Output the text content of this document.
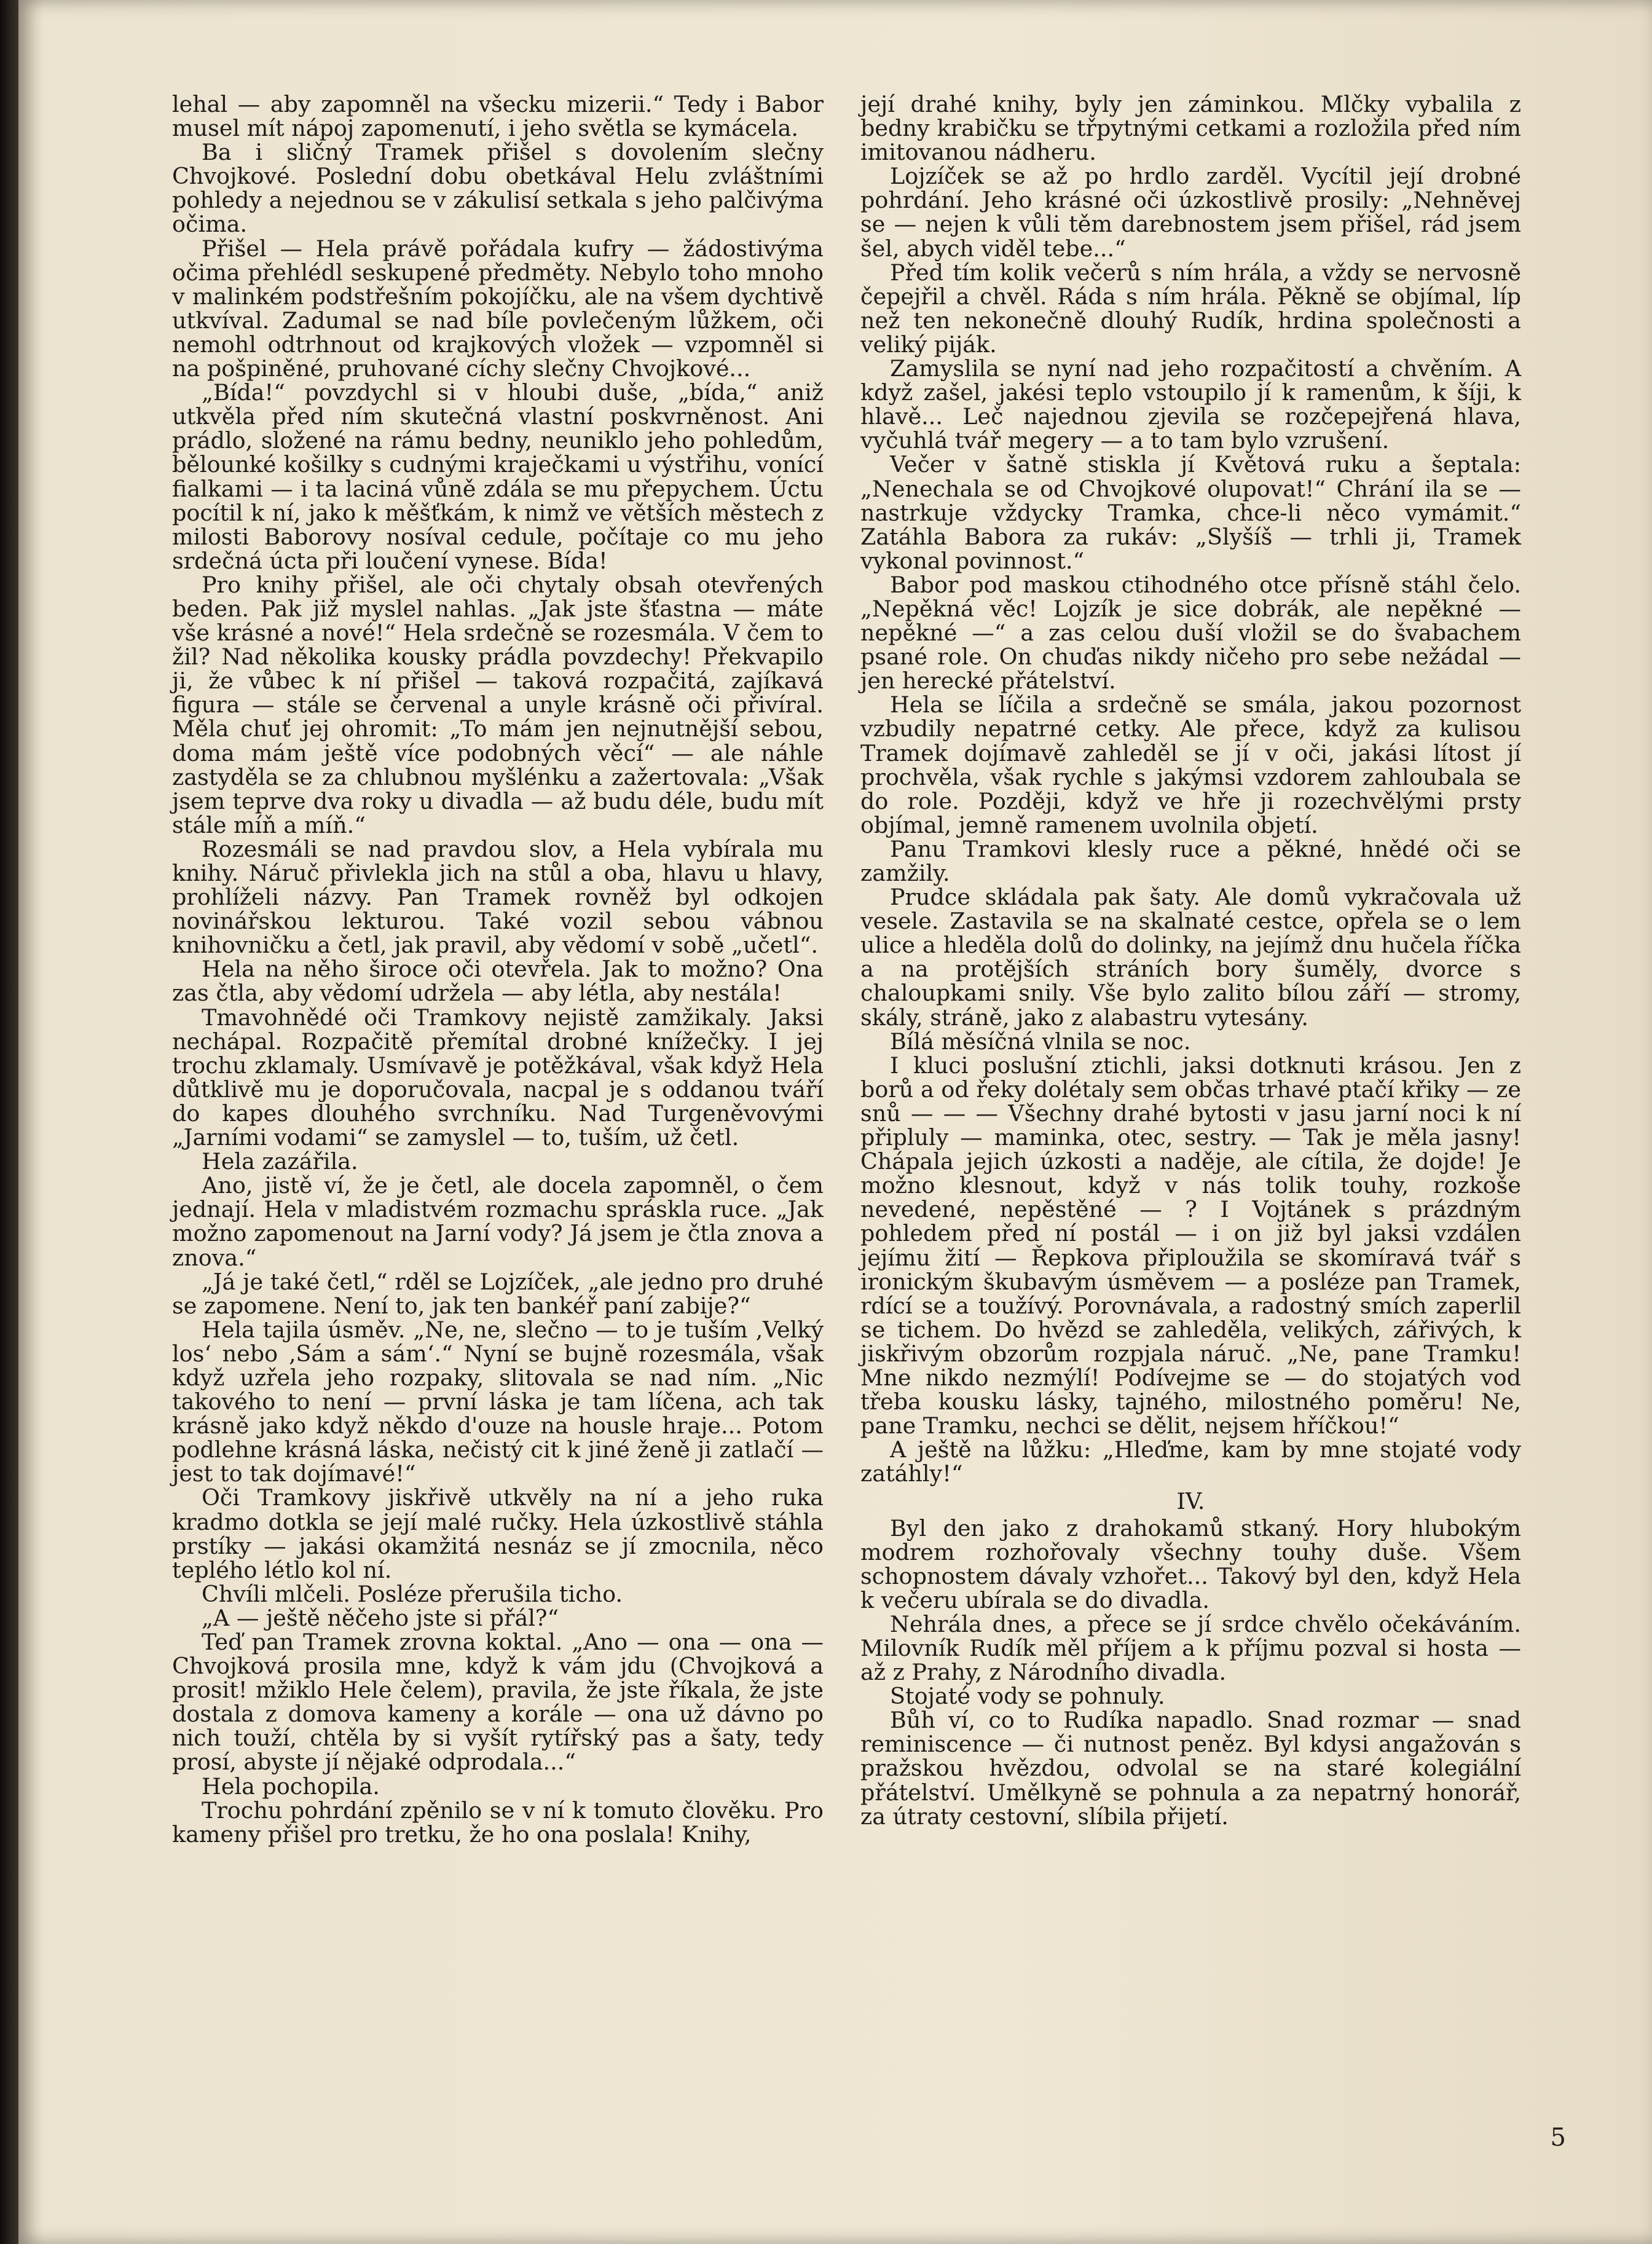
lehal — aby zapomněl na všecku mizerii.“ Tedy i Babor musel mít nápoj zapomenutí, i jeho světla se kymácela.

Ba i sličný Tramek přišel s dovolením slečny Chvojkové. Poslední dobu obetkával Helu zvláštními pohledy a nejednou se v zákulisí setkala s jeho palčivýma očima.

Přišel — Hela právě pořádala kufry — žádostivýma očima přehlédl seskupené předměty. Nebylo toho mnoho v malinkém podstřešním pokojíčku, ale na všem dychtivě utkvíval. Zadumal se nad bíle povlečeným lůžkem, oči nemohl odtrhnout od krajkových vložek — vzpomněl si na pošpiněné, pruhované cíchy slečny Chvojkové...

„Bída!“ povzdychl si v hloubi duše, „bída,“ aniž utkvěla před ním skutečná vlastní poskvrněnost. Ani prádlo, složené na rámu bedny, neuniklo jeho pohledům, bělounké košilky s cudnými kraječkami u výstřihu, vonící fialkami — i ta laciná vůně zdála se mu přepychem. Úctu pocítil k ní, jako k měšťkám, k nimž ve větších městech z milosti Baborovy nosíval cedule, počítaje co mu jeho srdečná úcta při loučení vynese. Bída!

Pro knihy přišel, ale oči chytaly obsah otevřených beden. Pak již myslel nahlas. „Jak jste šťastna — máte vše krásné a nové!“ Hela srdečně se rozesmála. V čem to žil? Nad několika kousky prádla povzdechy! Překvapilo ji, že vůbec k ní přišel — taková rozpačitá, zajíkavá figura — stále se červenal a unyle krásně oči přivíral. Měla chuť jej ohromit: „To mám jen nejnutnější sebou, doma mám ještě více podobných věcí“ — ale náhle zastyděla se za chlubnou myšlénku a zažertovala: „Však jsem teprve dva roky u divadla — až budu déle, budu mít stále míň a míň.“

Rozesmáli se nad pravdou slov, a Hela vybírala mu knihy. Náruč přivlekla jich na stůl a oba, hlavu u hlavy, prohlíželi názvy. Pan Tramek rovněž byl odkojen novinářskou lekturou. Také vozil sebou vábnou knihovničku a četl, jak pravil, aby vědomí v sobě „učetl“.

Hela na něho široce oči otevřela. Jak to možno? Ona zas čtla, aby vědomí udržela — aby létla, aby nestála!

Tmavohnědé oči Tramkovy nejistě zamžikaly. Jaksi nechápal. Rozpačitě přemítal drobné knížečky. I jej trochu zklamaly. Usmívavě je potěžkával, však když Hela důtklivě mu je doporučovala, nacpal je s oddanou tváří do kapes dlouhého svrchníku. Nad Turgeněvovými „Jarními vodami“ se zamyslel — to, tuším, už četl.

Hela zazářila.

Ano, jistě ví, že je četl, ale docela zapomněl, o čem jednají. Hela v mladistvém rozmachu spráskla ruce. „Jak možno zapomenout na Jarní vody? Já jsem je čtla znova a znova.“

„Já je také četl,“ rděl se Lojzíček, „ale jedno pro druhé se zapomene. Není to, jak ten bankéř paní zabije?“

Hela tajila úsměv. „Ne, ne, slečno — to je tuším ‚Velký los‘ nebo ‚Sám a sám‘.“ Nyní se bujně rozesmála, však když uzřela jeho rozpaky, slitovala se nad ním. „Nic takového to není — první láska je tam líčena, ach tak krásně jako když někdo d'ouze na housle hraje... Potom podlehne krásná láska, nečistý cit k jiné ženě ji zatlačí — jest to tak dojímavé!“

Oči Tramkovy jiskřivě utkvěly na ní a jeho ruka kradmo dotkla se její malé ručky. Hela úzkostlivě stáhla prstíky — jakási okamžitá nesnáz se jí zmocnila, něco teplého létlo kol ní.

Chvíli mlčeli. Posléze přerušila ticho.

„A — ještě něčeho jste si přál?“

Teď pan Tramek zrovna koktal. „Ano — ona — ona — Chvojková prosila mne, když k vám jdu (Chvojková a prosit! mžiklo Hele čelem), pravila, že jste říkala, že jste dostala z domova kameny a korále — ona už dávno po nich touží, chtěla by si vyšít rytířský pas a šaty, tedy prosí, abyste jí nějaké odprodala...“

Hela pochopila.

Trochu pohrdání zpěnilo se v ní k tomuto člověku. Pro kameny přišel pro tretku, že ho ona poslala! Knihy,

její drahé knihy, byly jen záminkou. Mlčky vybalila z bedny krabičku se třpytnými cetkami a rozložila před ním imitovanou nádheru.

Lojzíček se až po hrdlo zarděl. Vycítil její drobné pohrdání. Jeho krásné oči úzkostlivě prosily: „Nehněvej se — nejen k vůli těm darebnostem jsem přišel, rád jsem šel, abych viděl tebe...“

Před tím kolik večerů s ním hrála, a vždy se nervosně čepejřil a chvěl. Ráda s ním hrála. Pěkně se objímal, líp než ten nekonečně dlouhý Rudík, hrdina společnosti a veliký piják.

Zamyslila se nyní nad jeho rozpačitostí a chvěním. A když zašel, jakési teplo vstoupilo jí k ramenům, k šíji, k hlavě... Leč najednou zjevila se rozčepejřená hlava, vyčuhlá tvář megery — a to tam bylo vzrušení.

Večer v šatně stiskla jí Květová ruku a šeptala: „Nenechala se od Chvojkové olupovat!“ Chrání ila se — nastrkuje vždycky Tramka, chce-li něco vymámit.“ Zatáhla Babora za rukáv: „Slyšíš — trhli ji, Tramek vykonal povinnost.“

Babor pod maskou ctihodného otce přísně stáhl čelo. „Nepěkná věc! Lojzík je sice dobrák, ale nepěkné — nepěkné —“ a zas celou duší vložil se do švabachem psané role. On chuďas nikdy ničeho pro sebe nežádal — jen herecké přátelství.

Hela se líčila a srdečně se smála, jakou pozornost vzbudily nepatrné cetky. Ale přece, když za kulisou Tramek dojímavě zahleděl se jí v oči, jakási lítost jí prochvěla, však rychle s jakýmsi vzdorem zahloubala se do role. Později, když ve hře ji rozechvělými prsty objímal, jemně ramenem uvolnila objetí.

Panu Tramkovi klesly ruce a pěkné, hnědé oči se zamžily.

Prudce skládala pak šaty. Ale domů vykračovala už vesele. Zastavila se na skalnaté cestce, opřela se o lem ulice a hleděla dolů do dolinky, na jejímž dnu hučela říčka a na protějších stráních bory šuměly, dvorce s chaloupkami snily. Vše bylo zalito bílou září — stromy, skály, stráně, jako z alabastru vytesány.

Bílá měsíčná vlnila se noc.

I kluci poslušní ztichli, jaksi dotknuti krásou. Jen z borů a od řeky dolétaly sem občas trhavé ptačí křiky — ze snů — — — Všechny drahé bytosti v jasu jarní noci k ní připluly — maminka, otec, sestry. — Tak je měla jasny! Chápala jejich úzkosti a naděje, ale cítila, že dojde! Je možno klesnout, když v nás tolik touhy, rozkoše nevedené, nepěstěné — ? I Vojtánek s prázdným pohledem před ní postál — i on již byl jaksi vzdálen jejímu žití — Řepkova připloužila se skomíravá tvář s ironickým škubavým úsměvem — a posléze pan Tramek, rdící se a toužívý. Porovnávala, a radostný smích zaperlil se tichem. Do hvězd se zahleděla, velikých, zářivých, k jiskřivým obzorům rozpjala náruč. „Ne, pane Tramku! Mne nikdo nezmýlí! Podívejme se — do stojatých vod třeba kousku lásky, tajného, milostného poměru! Ne, pane Tramku, nechci se dělit, nejsem hříčkou!“

A ještě na lůžku: „Hleďme, kam by mne stojaté vody zatáhly!“

IV.

Byl den jako z drahokamů stkaný. Hory hlubokým modrem rozhořovaly všechny touhy duše. Všem schopnostem dávaly vzhořet... Takový byl den, když Hela k večeru ubírala se do divadla.

Nehrála dnes, a přece se jí srdce chvělo očekáváním. Milovník Rudík měl příjem a k příjmu pozval si hosta — až z Prahy, z Národního divadla.

Stojaté vody se pohnuly.

Bůh ví, co to Rudíka napadlo. Snad rozmar — snad reminiscence — či nutnost peněz. Byl kdysi angažován s pražskou hvězdou, odvolal se na staré kolegiální přátelství. Umělkyně se pohnula a za nepatrný honorář, za útraty cestovní, slíbila přijetí.

5
